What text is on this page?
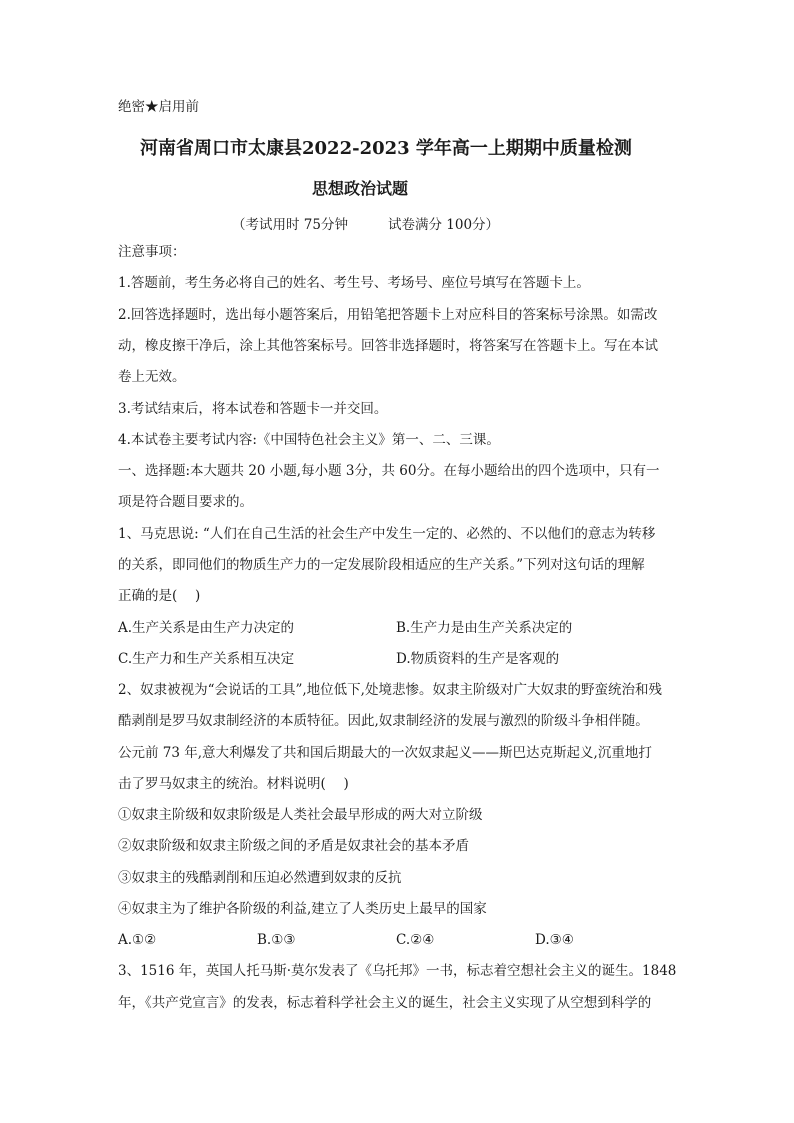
绝密★启用前
河南省周口市太康县2022-2023 学年高一上期期中质量检测
思想政治试题
（考试用时 75分钟	试卷满分 100分）
注意事项：
1.答题前，考生务必将自己的姓名、考生号、考场号、座位号填写在答题卡上。
2.回答选择题时，选出每小题答案后，用铅笔把答题卡上对应科目的答案标号涂黑。如需改
动，橡皮擦干净后，涂上其他答案标号。回答非选择题时，将答案写在答题卡上。写在本试
卷上无效。
3.考试结束后，将本试卷和答题卡一并交回。
4.本试卷主要考试内容:《中国特色社会主义》第一、二、三课。
一、选择题:本大题共 20 小题,每小题 3分，共 60分。在每小题给出的四个选项中，只有一
项是符合题目要求的。
1、马克思说: “人们在自己生活的社会生产中发生一定的、必然的、不以他们的意志为转移
的关系，即同他们的物质生产力的一定发展阶段相适应的生产关系。”下列对这句话的理解
正确的是(　 )
A.生产关系是由生产力决定的	B.生产力是由生产关系决定的
C.生产力和生产关系相互决定	D.物质资料的生产是客观的
2、奴隶被视为“会说话的工具”,地位低下,处境悲惨。奴隶主阶级对广大奴隶的野蛮统治和残
酷剥削是罗马奴隶制经济的本质特征。因此,奴隶制经济的发展与激烈的阶级斗争相伴随。
公元前 73 年,意大利爆发了共和国后期最大的一次奴隶起义——斯巴达克斯起义,沉重地打
击了罗马奴隶主的统治。材料说明(　 )
①奴隶主阶级和奴隶阶级是人类社会最早形成的两大对立阶级
②奴隶阶级和奴隶主阶级之间的矛盾是奴隶社会的基本矛盾
③奴隶主的残酷剥削和压迫必然遭到奴隶的反抗
④奴隶主为了维护各阶级的利益,建立了人类历史上最早的国家
A.①②	B.①③	C.②④	D.③④
3、1516 年，英国人托马斯·莫尔发表了《乌托邦》一书，标志着空想社会主义的诞生。1848
年，《共产党宣言》的发表，标志着科学社会主义的诞生，社会主义实现了从空想到科学的
